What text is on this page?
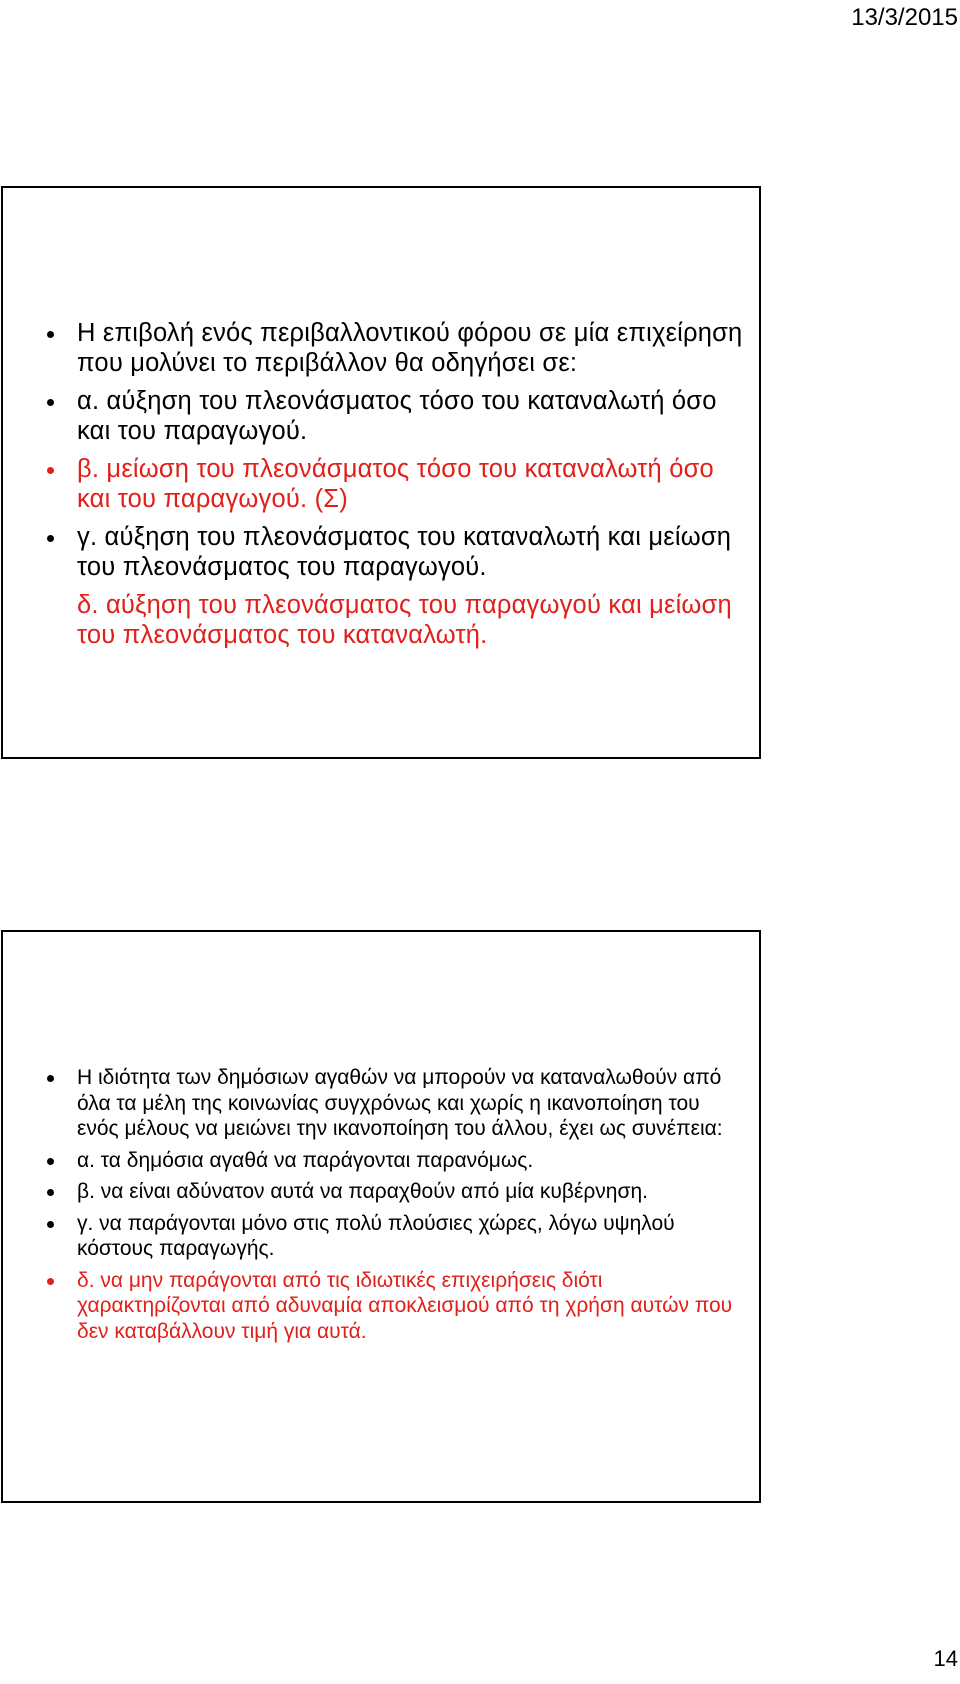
13/3/2015
Η επιβολή ενός περιβαλλοντικού φόρου σε μία επιχείρηση που μολύνει το περιβάλλον θα οδηγήσει σε:
α. αύξηση του πλεονάσματος τόσο του καταναλωτή όσο και του παραγωγού.
β. μείωση του πλεονάσματος τόσο του καταναλωτή όσο και του παραγωγού. (Σ)
γ. αύξηση του πλεονάσματος του καταναλωτή και μείωση του πλεονάσματος του παραγωγού.
δ. αύξηση του πλεονάσματος του παραγωγού και μείωση του πλεονάσματος του καταναλωτή.
Η ιδιότητα των δημόσιων αγαθών να μπορούν να καταναλωθούν από όλα τα μέλη της κοινωνίας συγχρόνως και χωρίς η ικανοποίηση του ενός μέλους να μειώνει την ικανοποίηση του άλλου, έχει ως συνέπεια:
α. τα δημόσια αγαθά να παράγονται παρανόμως.
β. να είναι αδύνατον αυτά να παραχθούν από μία κυβέρνηση.
γ. να παράγονται μόνο στις πολύ πλούσιες χώρες, λόγω υψηλού κόστους παραγωγής.
δ. να μην παράγονται από τις ιδιωτικές επιχειρήσεις διότι χαρακτηρίζονται από αδυναμία αποκλεισμού από τη χρήση αυτών που δεν καταβάλλουν τιμή για αυτά.
14
